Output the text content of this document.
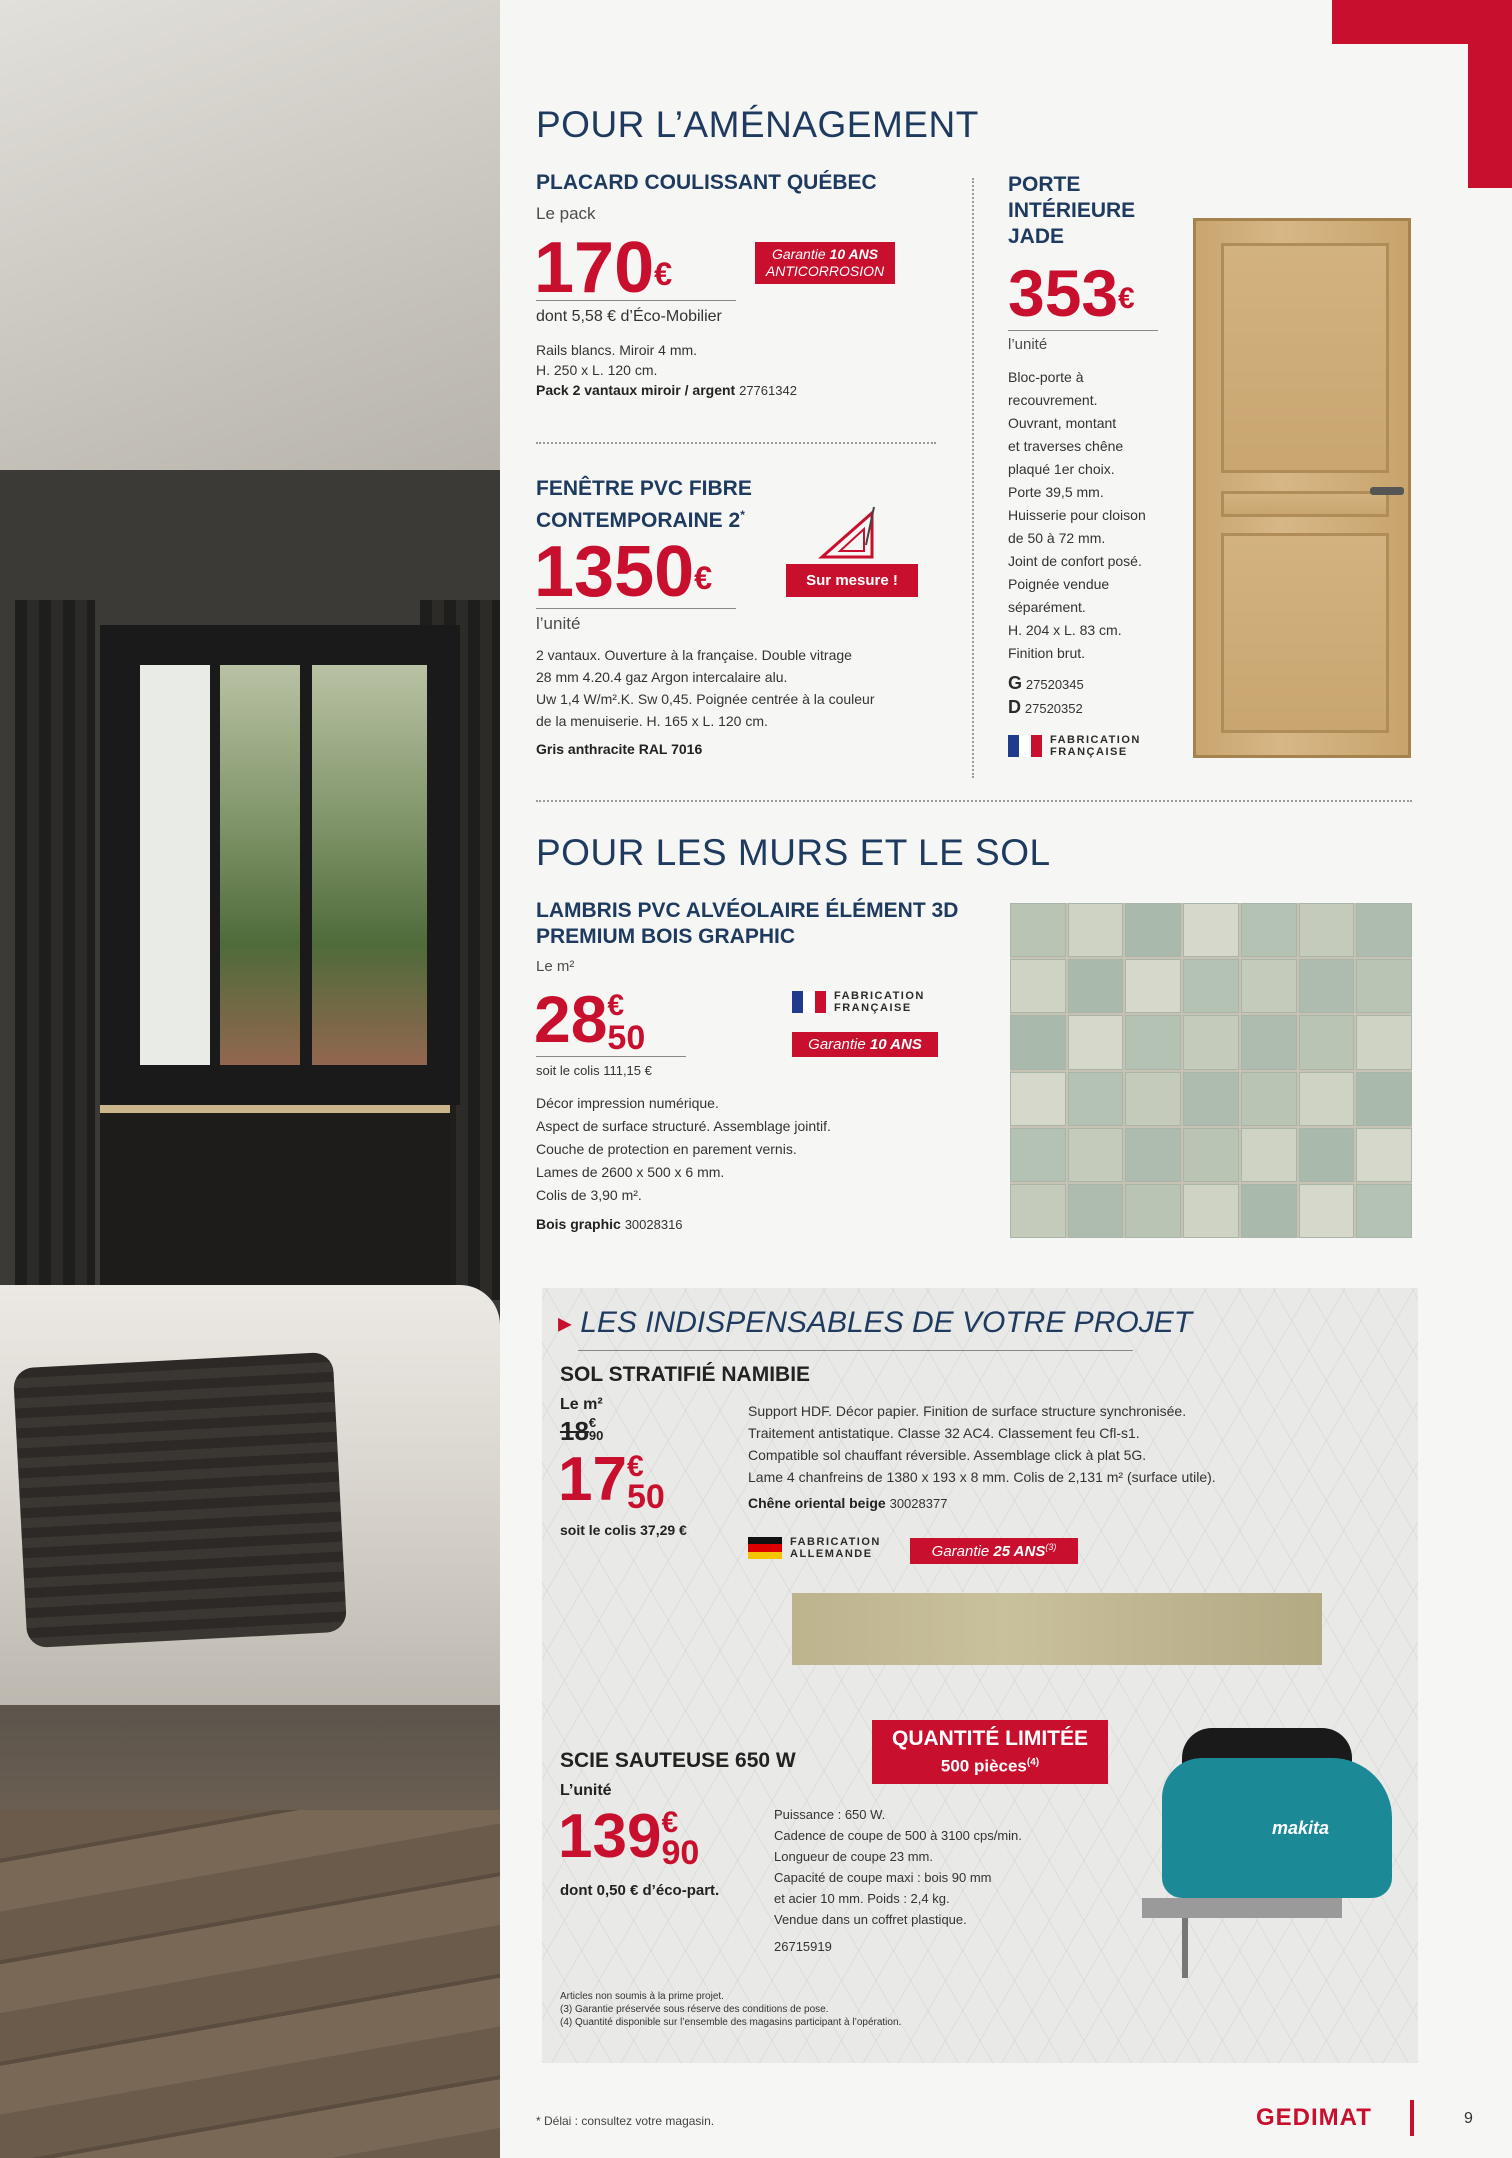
POUR L’AMÉNAGEMENT
PLACARD COULISSANT QUÉBEC
Le pack
170€
Garantie 10 ANS
ANTICORROSION
dont 5,58 € d’Éco-Mobilier
Rails blancs. Miroir 4 mm.
H. 250 x L. 120 cm.
Pack 2 vantaux miroir / argent 27761342
FENÊTRE PVC FIBRE
CONTEMPORAINE 2*
1350€	Sur mesure !
l’unité
2 vantaux. Ouverture à la française. Double vitrage
28 mm 4.20.4 gaz Argon intercalaire alu.
Uw 1,4 W/m².K. Sw 0,45. Poignée centrée à la couleur
de la menuiserie. H. 165 x L. 120 cm.
Gris anthracite RAL 7016
PORTE
INTÉRIEURE
JADE
353€
l’unité
Bloc-porte à
recouvrement.
Ouvrant, montant
et traverses chêne
plaqué 1er choix.
Porte 39,5 mm.
Huisserie pour cloison
de 50 à 72 mm.
Joint de confort posé.
Poignée vendue
séparément.
H. 204 x L. 83 cm.
Finition brut.
G 27520345
D 27520352
FABRICATION
FRANÇAISE
POUR LES MURS ET LE SOL
LAMBRIS PVC ALVÉOLAIRE ÉLÉMENT 3D
PREMIUM BOIS GRAPHIC
Le m²
28 €
50
soit le colis 111,15 €
FABRICATION
FRANÇAISE
Garantie 10 ANS
Décor impression numérique.
Aspect de surface structuré. Assemblage jointif.
Couche de protection en parement vernis.
Lames de 2600 x 500 x 6 mm.
Colis de 3,90 m².
Bois graphic 30028316
▶ LES INDISPENSABLES DE VOTRE PROJET
SOL STRATIFIÉ NAMIBIE
Le m²
18 €
90
17 €
50
soit le colis 37,29 €
Support HDF. Décor papier. Finition de surface structure synchronisée.
Traitement antistatique. Classe 32 AC4. Classement feu Cfl-s1.
Compatible sol chauffant réversible. Assemblage click à plat 5G.
Lame 4 chanfreins de 1380 x 193 x 8 mm. Colis de 2,131 m² (surface utile).
Chêne oriental beige 30028377
FABRICATION
ALLEMANDE	Garantie 25 ANS$^{(3)}$
SCIE SAUTEUSE 650 W
L’unité
139 €
90
dont 0,50 € d’éco-part.
Puissance : 650 W.
Cadence de coupe de 500 à 3100 cps/min.
Longueur de coupe 23 mm.
Capacité de coupe maxi : bois 90 mm
et acier 10 mm. Poids : 2,4 kg.
Vendue dans un coffret plastique.
26715919
QUANTITÉ LIMITÉE
500 pièces$^{(4)}$
makita
Articles non soumis à la prime projet.
(3) Garantie préservée sous réserve des conditions de pose.
(4) Quantité disponible sur l’ensemble des magasins participant à l’opération.
* Délai : consultez votre magasin.	GEDIMAT	9
